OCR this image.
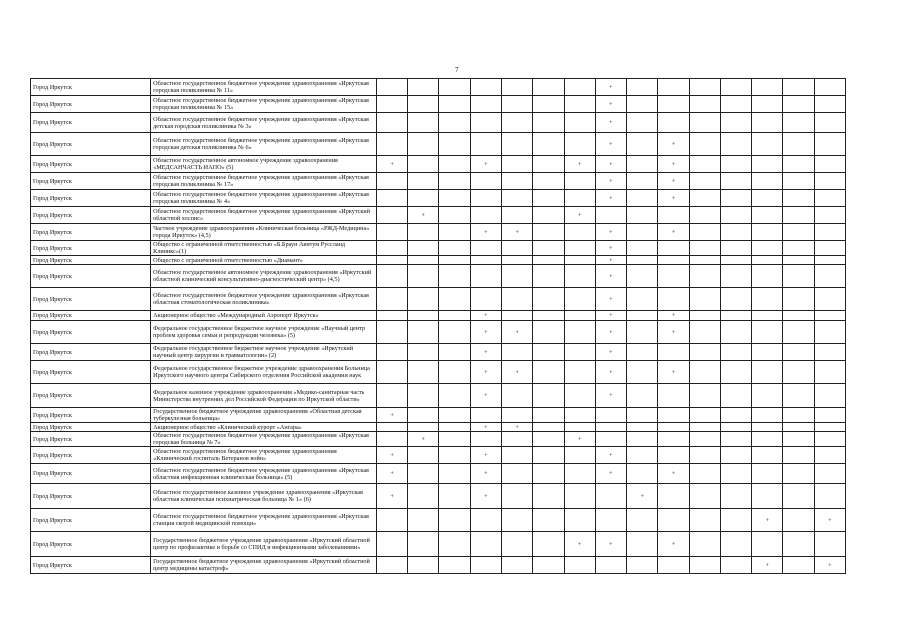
7
Город Иркутск	Областное государственное бюджетное учреждение здравоохранения «Иркутская городская поликлиника № 11»								+							
Город Иркутск	Областное государственное бюджетное учреждение здравоохранения «Иркутская городская поликлиника № 15»								+							
Город Иркутск	Областное государственное бюджетное учреждение здравоохранения «Иркутская детская городская поликлиника № 3»								+							
Город Иркутск	Областное государственное бюджетное учреждение здравоохранения «Иркутская городская детская поликлиника № 6»								+		+					
Город Иркутск	Областное государственное автономное учреждение здравоохранения «МЕДСАНЧАСТЬ ИАПО» (5)	+			+			+	+		+					
Город Иркутск	Областное государственное бюджетное учреждение здравоохранения «Иркутская городская поликлиника № 17»								+		+					
Город Иркутск	Областное государственное бюджетное учреждение здравоохранения «Иркутская городская поликлиника № 4»								+		+					
Город Иркутск	Областное государственное бюджетное учреждение здравоохранения «Иркутский областной хоспис»		+					+								
Город Иркутск	Частное учреждение здравоохранения «Клиническая больница «РЖД-Медицина» города Иркутск» (4,5)				+	+			+		+					
Город Иркутск	Общество с ограниченной ответственностью «Б.Браун Авитум Руссланд Клиникс»(1)								+							
Город Иркутск	Общество с ограниченной ответственностью «Диамант»								+							
Город Иркутск	Областное государственное автономное учреждение здравоохранения «Иркутский областной клинический консультативно-диагностический центр» (4,5)								+							
Город Иркутск	Областное государственное бюджетное учреждение здравоохранения «Иркутская областная стоматологическая поликлиника»								+							
Город Иркутск	Акционерное общество «Международный Аэропорт Иркутск»				+				+		+					
Город Иркутск	Федеральное государственное бюджетное научное учреждение «Научный центр проблем здоровья семьи и репродукции человека» (5)				+	+			+		+					
Город Иркутск	Федеральное государственное бюджетное научное учреждение «Иркутский научный центр хирургии и травматологии» (2)				+				+							
Город Иркутск	Федеральное государственное бюджетное учреждение здравоохранения Больница Иркутского научного центра Сибирского отделения Российской академии наук				+	+			+		+					
Город Иркутск	Федеральное казенное учреждение здравоохранения «Медико-санитарная часть Министерства внутренних дел Российской Федерации по Иркутской области»				+				+							
Город Иркутск	Государственное бюджетное учреждение здравоохранения «Областная детская туберкулезная больница»	+														
Город Иркутск	Акционерное общество «Клинический курорт «Ангара»				+	+										
Город Иркутск	Областное государственное бюджетное учреждение здравоохранения «Иркутская городская больница № 7»		+					+								
Город Иркутск	Областное государственное бюджетное учреждение здравоохранения «Клинический госпиталь Ветеранов войн»	+			+				+							
Город Иркутск	Областное государственное бюджетное учреждение здравоохранения «Иркутская областная инфекционная клиническая больница» (5)	+			+				+		+					
Город Иркутск	Областное государственное казенное учреждение здравоохранения «Иркутская областная клиническая психиатрическая больница № 1» (6)	+			+					+						
Город Иркутск	Областное государственное бюджетное учреждение здравоохранения «Иркутская станция скорой медицинской помощи»													+		+
Город Иркутск	Государственное бюджетное учреждение здравоохранения «Иркутский областной центр по профилактике и борьбе со СПИД и инфекционными заболеваниями»							+	+		+					
Город Иркутск	Государственное бюджетное учреждение здравоохранения «Иркутский областной центр медицины катастроф»													+		+
